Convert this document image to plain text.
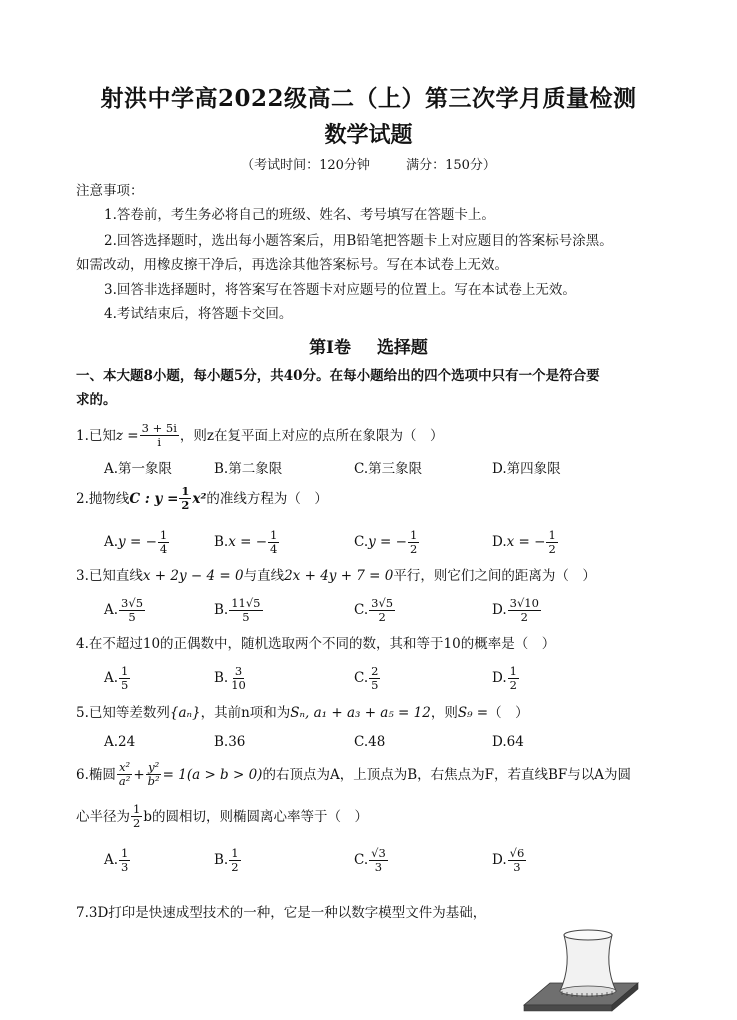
射洪中学高2022级高二（上）第三次学月质量检测
数学试题
（考试时间：120分钟	满分：150分）
注意事项：
1.答卷前，考生务必将自己的班级、姓名、考号填写在答题卡上。
2.回答选择题时，选出每小题答案后，用B铅笔把答题卡上对应题目的答案标号涂黑。
如需改动，用橡皮擦干净后，再选涂其他答案标号。写在本试卷上无效。
3.回答非选择题时，将答案写在答题卡对应题号的位置上。写在本试卷上无效。
4.考试结束后，将答题卡交回。
第I卷 选择题
一、本大题8小题，每小题5分，共40分。在每小题给出的四个选项中只有一个是符合要
求的。
1.已知 $z = \frac{3 + 5i}{i}$ ，则z在复平面上对应的点所在象限为（　）
A.第一象限	B.第二象限	C.第三象限	D.第四象限
2.抛物线 C : $y = \frac{1}{2} x^2$ 的准线方程为（　）
A. y = − $\frac{1}{4}$	B. x = − $\frac{1}{4}$	C. y = − $\frac{1}{2}$	D. x = − $\frac{1}{2}$
3.已知直线x + 2y − 4 = 0与直线2x + 4y + 7 = 0平行，则它们之间的距离为（　）
A. $\frac{3√5}{5}$	B. $\frac{11√5}{5}$	C. $\frac{3√5}{2}$	D. $\frac{3√10}{2}$
4.在不超过10的正偶数中，随机选取两个不同的数，其和等于10的概率是（　）
A. $\frac{1}{5}$	B. $\frac{3}{10}$	C. $\frac{2}{5}$	D. $\frac{1}{2}$
5.已知等差数列{aₙ}，其前n项和为Sₙ, a₁ + a₃ + a₅ = 12，则S₉ =（　）
A.24	B.36	C.48	D.64
6.椭圆 $\frac{\text{x²}}{\text{a²}} + \frac{\text{y²}}{\text{b²}} = 1(a > b > 0)$ 的右顶点为A，上顶点为B，右焦点为F，若直线BF与以A为圆
心半径为 $\frac{1}{2}$ b的圆相切，则椭圆离心率等于（　）
A. $\frac{1}{3}$	B. $\frac{1}{2}$	C. $\frac{√3}{3}$	D. $\frac{√6}{3}$
7.3D打印是快速成型技术的一种，它是一种以数字模型文件为基础，
